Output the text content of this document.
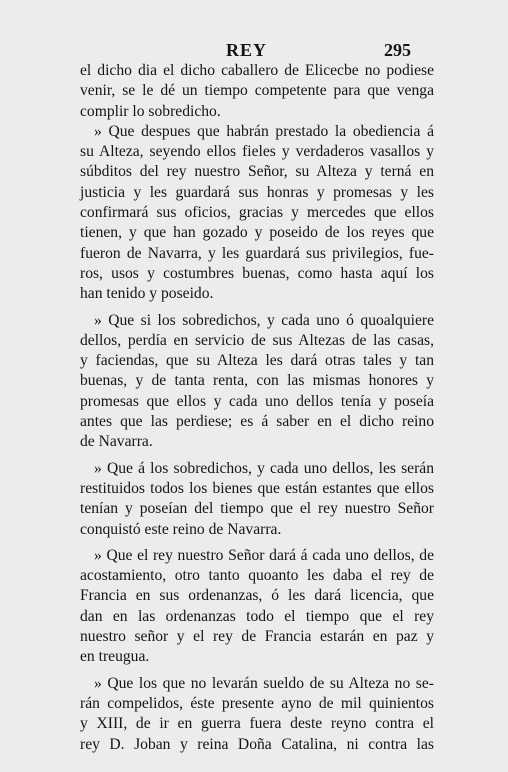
REY	295
el dicho dia el dicho caballero de Elicecbe no podiese
venir, se le dé un tiempo competente para que venga
complir lo sobredicho.
» Que despues que habrán prestado la obediencia á
su Alteza, seyendo ellos fieles y verdaderos vasallos y
súbditos del rey nuestro Señor, su Alteza y terná en
justicia y les guardará sus honras y promesas y les
confirmará sus oficios, gracias y mercedes que ellos
tienen, y que han gozado y poseido de los reyes que
fueron de Navarra, y les guardará sus privilegios, fue-
ros, usos y costumbres buenas, como hasta aquí los
han tenido y poseido.
» Que si los sobredichos, y cada uno ó quoalquiere
dellos, perdía en servicio de sus Altezas de las casas,
y faciendas, que su Alteza les dará otras tales y tan
buenas, y de tanta renta, con las mismas honores y
promesas que ellos y cada uno dellos tenía y poseía
antes que las perdiese; es á saber en el dicho reino
de Navarra.
» Que á los sobredichos, y cada uno dellos, les serán
restituidos todos los bienes que están estantes que ellos
tenían y poseían del tiempo que el rey nuestro Señor
conquistó este reino de Navarra.
» Que el rey nuestro Señor dará á cada uno dellos, de
acostamiento, otro tanto quoanto les daba el rey de
Francia en sus ordenanzas, ó les dará licencia, que
dan en las ordenanzas todo el tiempo que el rey
nuestro señor y el rey de Francia estarán en paz y
en treugua.
» Que los que no levarán sueldo de su Alteza no se-
rán compelidos, éste presente ayno de mil quinientos
y XIII, de ir en guerra fuera deste reyno contra el
rey D. Joban y reina Doña Catalina, ni contra las
